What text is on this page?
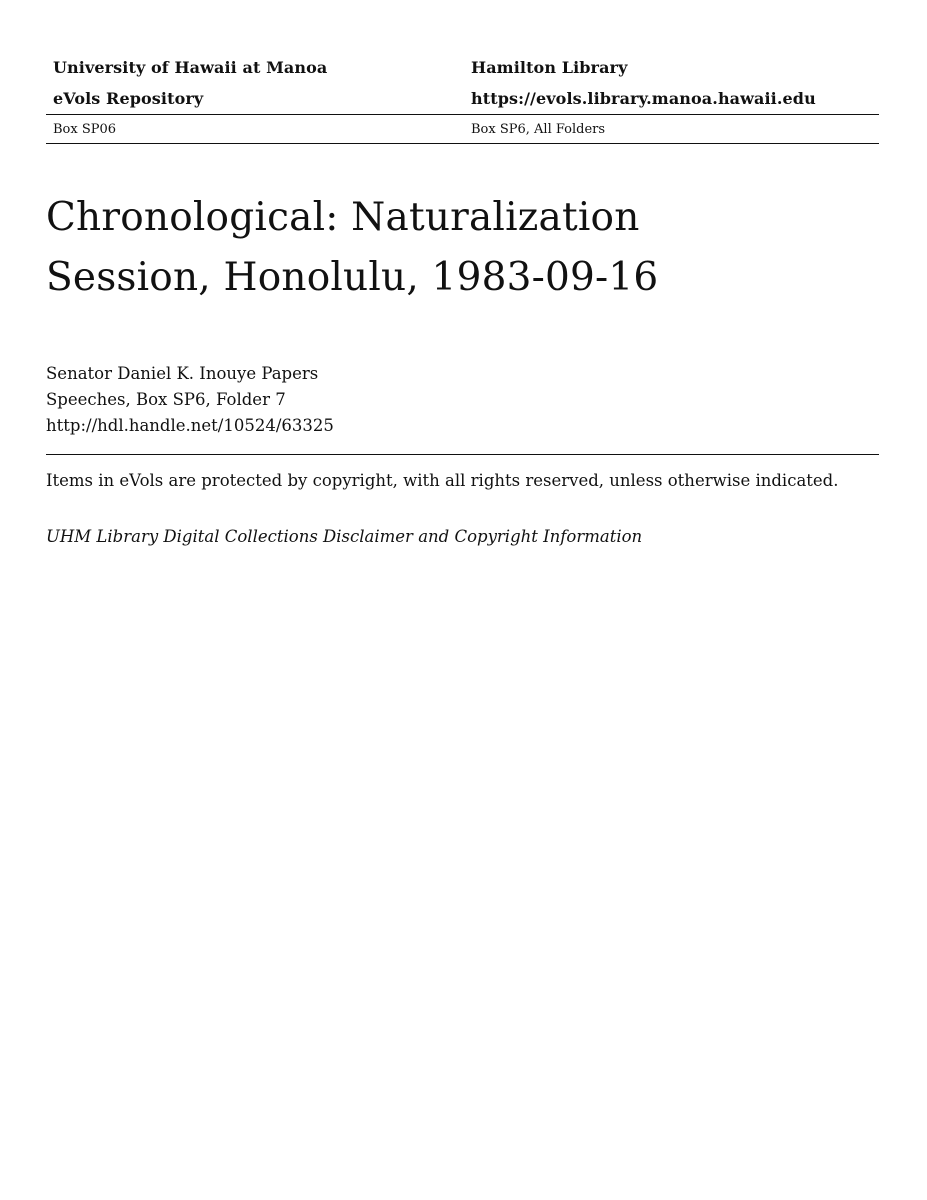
University of Hawaii at Manoa	Hamilton Library
eVols Repository	https://evols.library.manoa.hawaii.edu
Box SP06	Box SP6, All Folders
Chronological: Naturalization
Session, Honolulu, 1983-09-16
Senator Daniel K. Inouye Papers
Speeches, Box SP6, Folder 7
http://hdl.handle.net/10524/63325
Items in eVols are protected by copyright, with all rights reserved, unless otherwise indicated.
UHM Library Digital Collections Disclaimer and Copyright Information
